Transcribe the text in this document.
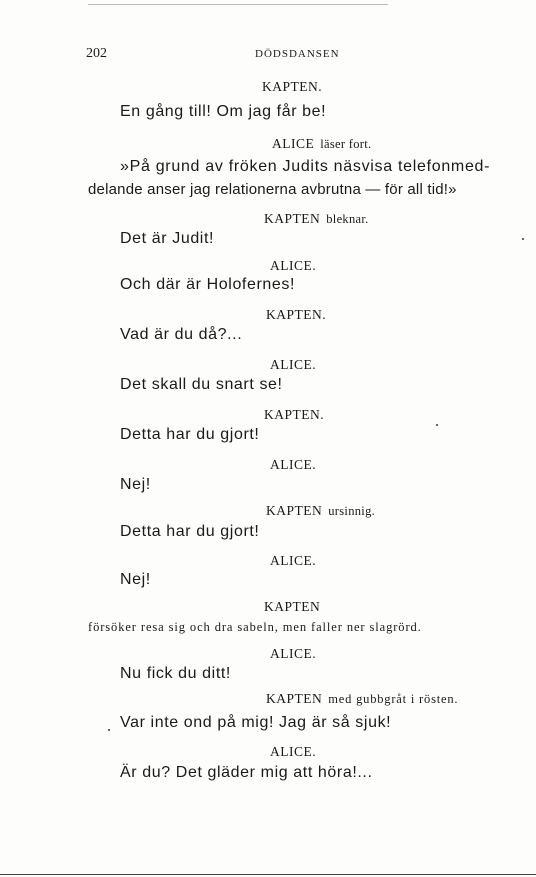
202	DÖDSDANSEN
KAPTEN.
En gång till! Om jag får be!
ALICE läser fort.
»På grund av fröken Judits näsvisa telefonmed-
delande anser jag relationerna avbrutna — för all tid!»
KAPTEN bleknar.
Det är Judit!
ALICE.
Och där är Holofernes!
KAPTEN.
Vad är du då?...
ALICE.
Det skall du snart se!
KAPTEN.
Detta har du gjort!
ALICE.
Nej!
KAPTEN ursinnig.
Detta har du gjort!
ALICE.
Nej!
KAPTEN
försöker resa sig och dra sabeln, men faller ner slagrörd.
ALICE.
Nu fick du ditt!
KAPTEN med gubbgråt i rösten.
Var inte ond på mig! Jag är så sjuk!
ALICE.
Är du? Det gläder mig att höra!...
